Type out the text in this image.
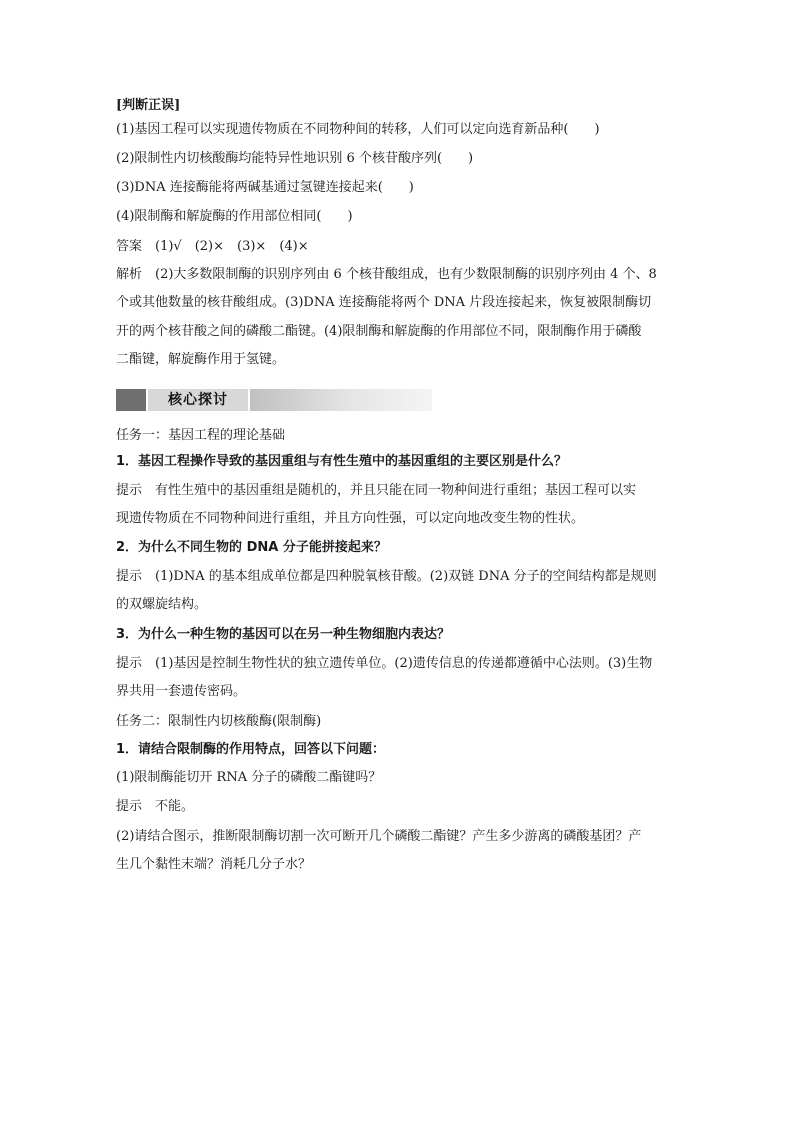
[判断正误]
(1)基因工程可以实现遗传物质在不同物种间的转移，人们可以定向选育新品种(　　)
(2)限制性内切核酸酶均能特异性地识别 6 个核苷酸序列(　　)
(3)DNA 连接酶能将两碱基通过氢键连接起来(　　)
(4)限制酶和解旋酶的作用部位相同(　　)
答案　(1)√　(2)×　(3)×　(4)×
解析　(2)大多数限制酶的识别序列由 6 个核苷酸组成，也有少数限制酶的识别序列由 4 个、8
个或其他数量的核苷酸组成。(3)DNA 连接酶能将两个 DNA 片段连接起来，恢复被限制酶切
开的两个核苷酸之间的磷酸二酯键。(4)限制酶和解旋酶的作用部位不同，限制酶作用于磷酸
二酯键，解旋酶作用于氢键。
核心探讨
任务一：基因工程的理论基础
1．基因工程操作导致的基因重组与有性生殖中的基因重组的主要区别是什么？
提示　有性生殖中的基因重组是随机的，并且只能在同一物种间进行重组；基因工程可以实
现遗传物质在不同物种间进行重组，并且方向性强，可以定向地改变生物的性状。
2．为什么不同生物的 DNA 分子能拼接起来？
提示　(1)DNA 的基本组成单位都是四种脱氧核苷酸。(2)双链 DNA 分子的空间结构都是规则
的双螺旋结构。
3．为什么一种生物的基因可以在另一种生物细胞内表达？
提示　(1)基因是控制生物性状的独立遗传单位。(2)遗传信息的传递都遵循中心法则。(3)生物
界共用一套遗传密码。
任务二：限制性内切核酸酶(限制酶)
1．请结合限制酶的作用特点，回答以下问题：
(1)限制酶能切开 RNA 分子的磷酸二酯键吗？
提示　不能。
(2)请结合图示，推断限制酶切割一次可断开几个磷酸二酯键？产生多少游离的磷酸基团？产
生几个黏性末端？消耗几分子水？
